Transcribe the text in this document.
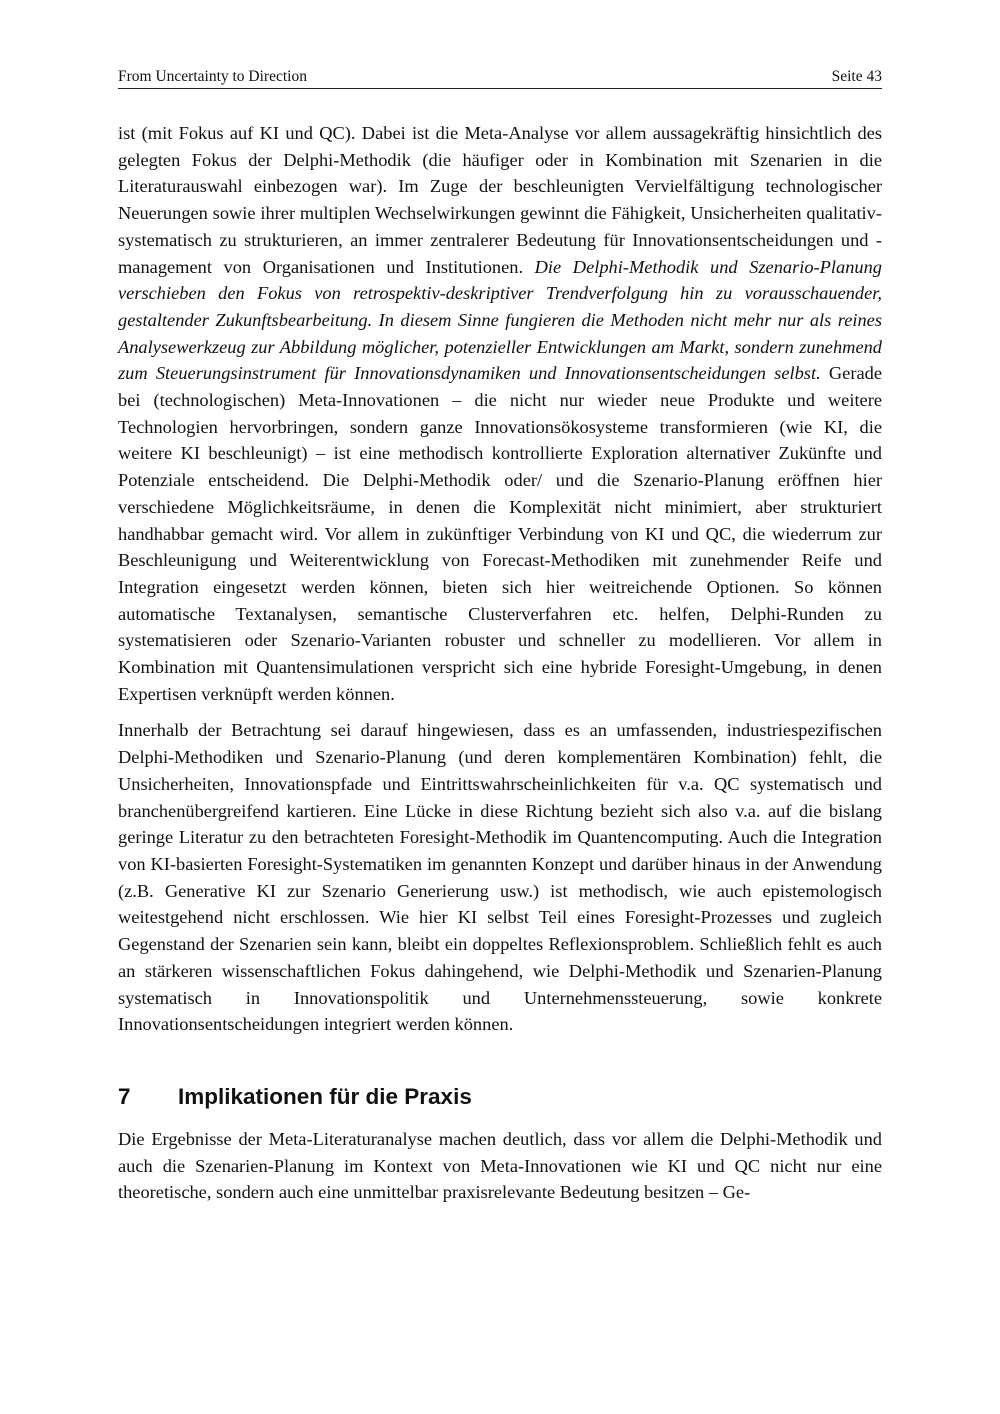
From Uncertainty to Direction	Seite 43

ist (mit Fokus auf KI und QC). Dabei ist die Meta-Analyse vor allem aussagekräftig hinsichtlich des gelegten Fokus der Delphi-Methodik (die häufiger oder in Kombination mit Szenarien in die Literaturauswahl einbezogen war). Im Zuge der beschleunigten Vervielfältigung technologischer Neuerungen sowie ihrer multiplen Wechselwirkungen gewinnt die Fähigkeit, Unsicherheiten qualitativ-systematisch zu strukturieren, an immer zentralerer Bedeutung für Innovationsentscheidungen und -management von Organisationen und Institutionen. Die Delphi-Methodik und Szenario-Planung verschieben den Fokus von retrospektiv-deskriptiver Trendverfolgung hin zu vorausschauender, gestaltender Zukunftsbearbeitung. In diesem Sinne fungieren die Methoden nicht mehr nur als reines Analysewerkzeug zur Abbildung möglicher, potenzieller Entwicklungen am Markt, sondern zunehmend zum Steuerungsinstrument für Innovationsdynamiken und Innovationsentscheidungen selbst. Gerade bei (technologischen) Meta-Innovationen – die nicht nur wieder neue Produkte und weitere Technologien hervorbringen, sondern ganze Innovationsökosysteme transformieren (wie KI, die weitere KI beschleunigt) – ist eine methodisch kontrollierte Exploration alternativer Zukünfte und Potenziale entscheidend. Die Delphi-Methodik oder/ und die Szenario-Planung eröffnen hier verschiedene Möglichkeitsräume, in denen die Komplexität nicht minimiert, aber strukturiert handhabbar gemacht wird. Vor allem in zukünftiger Verbindung von KI und QC, die wiederrum zur Beschleunigung und Weiterentwicklung von Forecast-Methodiken mit zunehmender Reife und Integration eingesetzt werden können, bieten sich hier weitreichende Optionen. So können automatische Textanalysen, semantische Clusterverfahren etc. helfen, Delphi-Runden zu systematisieren oder Szenario-Varianten robuster und schneller zu modellieren. Vor allem in Kombination mit Quantensimulationen verspricht sich eine hybride Foresight-Umgebung, in denen Expertisen verknüpft werden können.

Innerhalb der Betrachtung sei darauf hingewiesen, dass es an umfassenden, industriespezifischen Delphi-Methodiken und Szenario-Planung (und deren komplementären Kombination) fehlt, die Unsicherheiten, Innovationspfade und Eintrittswahrscheinlichkeiten für v.a. QC systematisch und branchenübergreifend kartieren. Eine Lücke in diese Richtung bezieht sich also v.a. auf die bislang geringe Literatur zu den betrachteten Foresight-Methodik im Quantencomputing. Auch die Integration von KI-basierten Foresight-Systematiken im genannten Konzept und darüber hinaus in der Anwendung (z.B. Generative KI zur Szenario Generierung usw.) ist methodisch, wie auch epistemologisch weitestgehend nicht erschlossen. Wie hier KI selbst Teil eines Foresight-Prozesses und zugleich Gegenstand der Szenarien sein kann, bleibt ein doppeltes Reflexionsproblem. Schließlich fehlt es auch an stärkeren wissenschaftlichen Fokus dahingehend, wie Delphi-Methodik und Szenarien-Planung systematisch in Innovationspolitik und Unternehmenssteuerung, sowie konkrete Innovationsentscheidungen integriert werden können.

7	Implikationen für die Praxis

Die Ergebnisse der Meta-Literaturanalyse machen deutlich, dass vor allem die Delphi-Methodik und auch die Szenarien-Planung im Kontext von Meta-Innovationen wie KI und QC nicht nur eine theoretische, sondern auch eine unmittelbar praxisrelevante Bedeutung besitzen – Ge-
